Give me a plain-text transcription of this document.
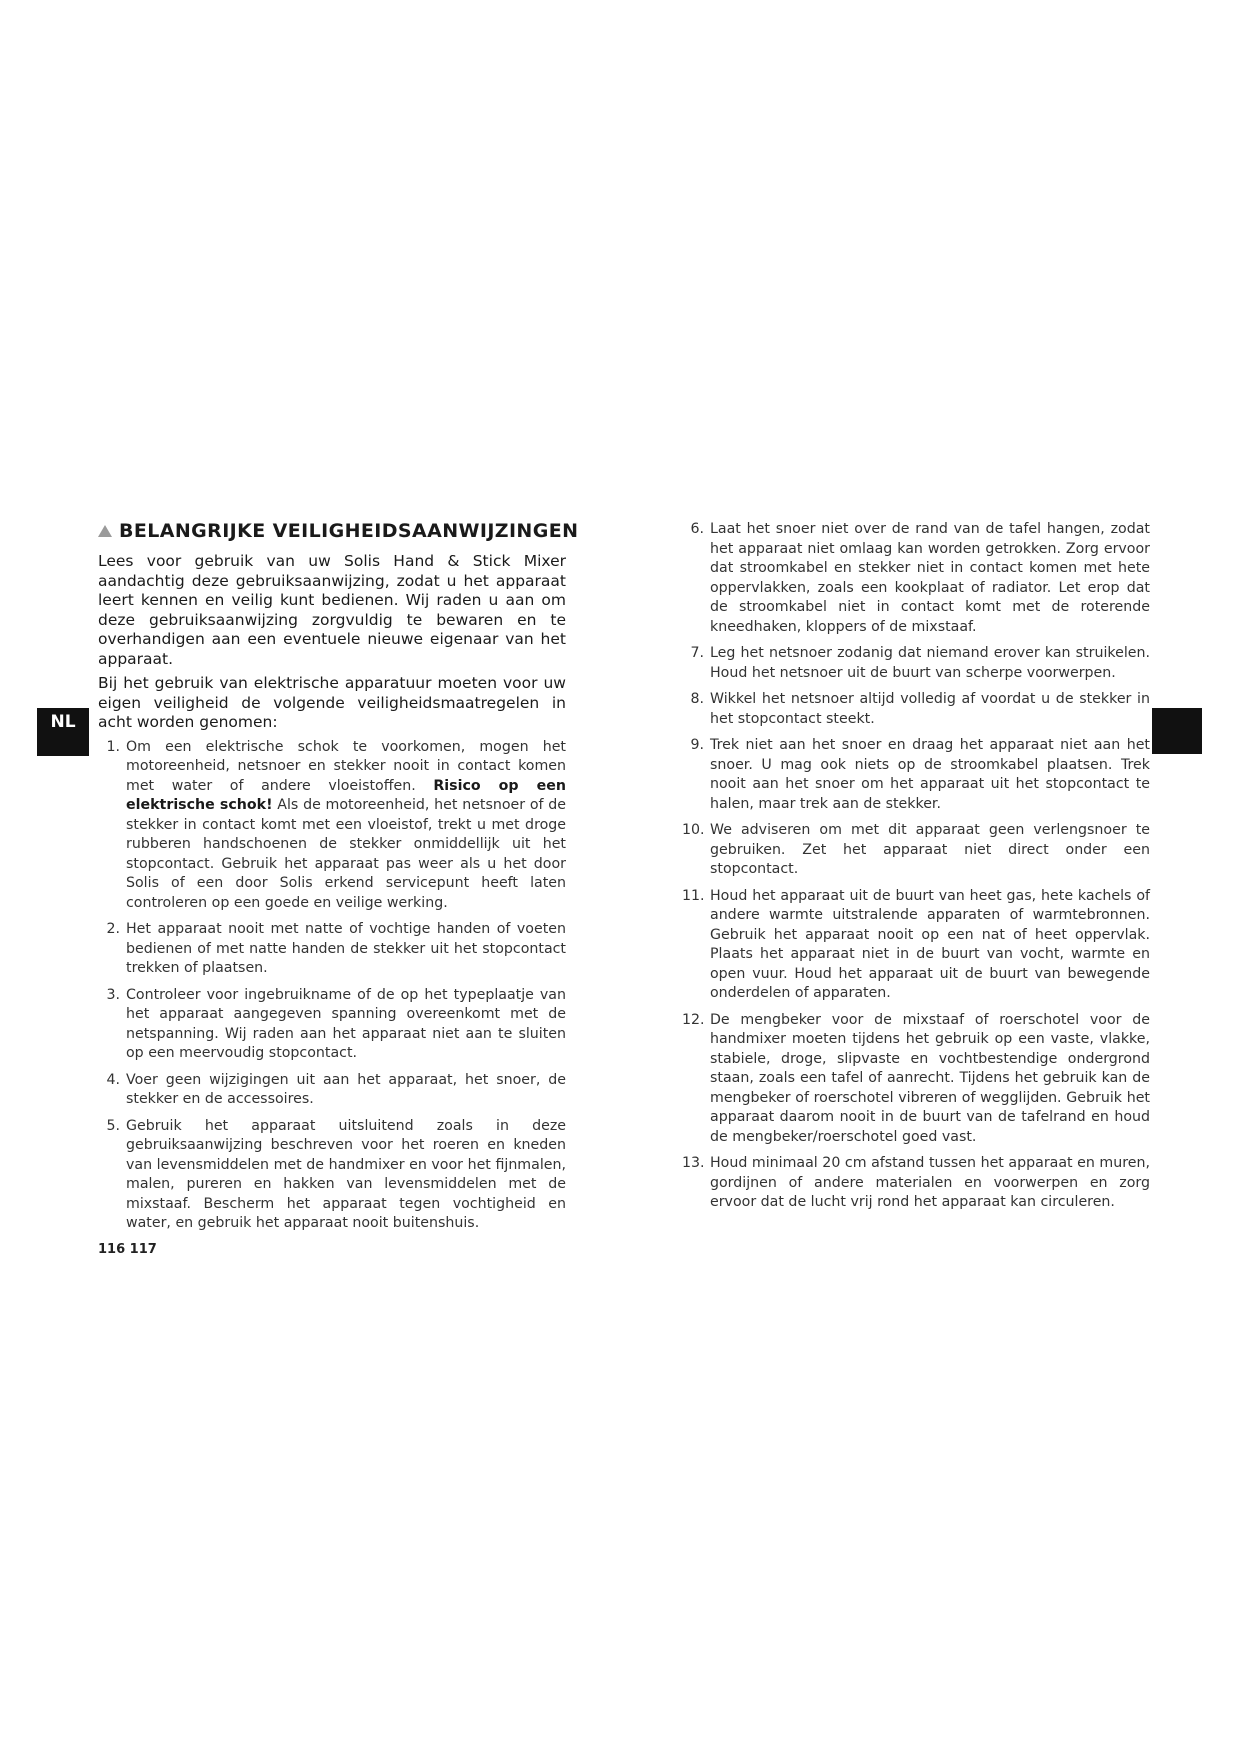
NL
BELANGRIJKE VEILIGHEIDSAANWIJZINGEN

Lees voor gebruik van uw Solis Hand & Stick Mixer aandachtig deze gebruiksaanwijzing, zodat u het apparaat leert kennen en veilig kunt bedienen. Wij raden u aan om deze gebruiksaanwijzing zorgvuldig te bewaren en te overhandigen aan een eventuele nieuwe eigenaar van het apparaat.

Bij het gebruik van elektrische apparatuur moeten voor uw eigen veiligheid de volgende veiligheidsmaatregelen in acht worden genomen:

1. Om een elektrische schok te voorkomen, mogen het motoreenheid, netsnoer en stekker nooit in contact komen met water of andere vloeistoffen. Risico op een elektrische schok! Als de motoreenheid, het netsnoer of de stekker in contact komt met een vloeistof, trekt u met droge rubberen handschoenen de stekker onmiddellijk uit het stopcontact. Gebruik het apparaat pas weer als u het door Solis of een door Solis erkend servicepunt heeft laten controleren op een goede en veilige werking.
2. Het apparaat nooit met natte of vochtige handen of voeten bedienen of met natte handen de stekker uit het stopcontact trekken of plaatsen.
3. Controleer voor ingebruikname of de op het typeplaatje van het apparaat aangegeven spanning overeenkomt met de netspanning. Wij raden aan het apparaat niet aan te sluiten op een meervoudig stopcontact.
4. Voer geen wijzigingen uit aan het apparaat, het snoer, de stekker en de accessoires.
5. Gebruik het apparaat uitsluitend zoals in deze gebruiksaanwijzing beschreven voor het roeren en kneden van levensmiddelen met de handmixer en voor het fijnmalen, malen, pureren en hakken van levensmiddelen met de mixstaaf. Bescherm het apparaat tegen vochtigheid en water, en gebruik het apparaat nooit buitenshuis.
6. Laat het snoer niet over de rand van de tafel hangen, zodat het apparaat niet omlaag kan worden getrokken. Zorg ervoor dat stroomkabel en stekker niet in contact komen met hete oppervlakken, zoals een kookplaat of radiator. Let erop dat de stroomkabel niet in contact komt met de roterende kneedhaken, kloppers of de mixstaaf.
7. Leg het netsnoer zodanig dat niemand erover kan struikelen. Houd het netsnoer uit de buurt van scherpe voorwerpen.
8. Wikkel het netsnoer altijd volledig af voordat u de stekker in het stopcontact steekt.
9. Trek niet aan het snoer en draag het apparaat niet aan het snoer. U mag ook niets op de stroomkabel plaatsen. Trek nooit aan het snoer om het apparaat uit het stopcontact te halen, maar trek aan de stekker.
10. We adviseren om met dit apparaat geen verlengsnoer te gebruiken. Zet het apparaat niet direct onder een stopcontact.
11. Houd het apparaat uit de buurt van heet gas, hete kachels of andere warmte uitstralende apparaten of warmtebronnen. Gebruik het apparaat nooit op een nat of heet oppervlak. Plaats het apparaat niet in de buurt van vocht, warmte en open vuur. Houd het apparaat uit de buurt van bewegende onderdelen of apparaten.
12. De mengbeker voor de mixstaaf of roerschotel voor de handmixer moeten tijdens het gebruik op een vaste, vlakke, stabiele, droge, slipvaste en vochtbestendige ondergrond staan, zoals een tafel of aanrecht. Tijdens het gebruik kan de mengbeker of roerschotel vibreren of wegglijden. Gebruik het apparaat daarom nooit in de buurt van de tafelrand en houd de mengbeker/roerschotel goed vast.
13. Houd minimaal 20 cm afstand tussen het apparaat en muren, gordijnen of andere materialen en voorwerpen en zorg ervoor dat de lucht vrij rond het apparaat kan circuleren.
116 117
